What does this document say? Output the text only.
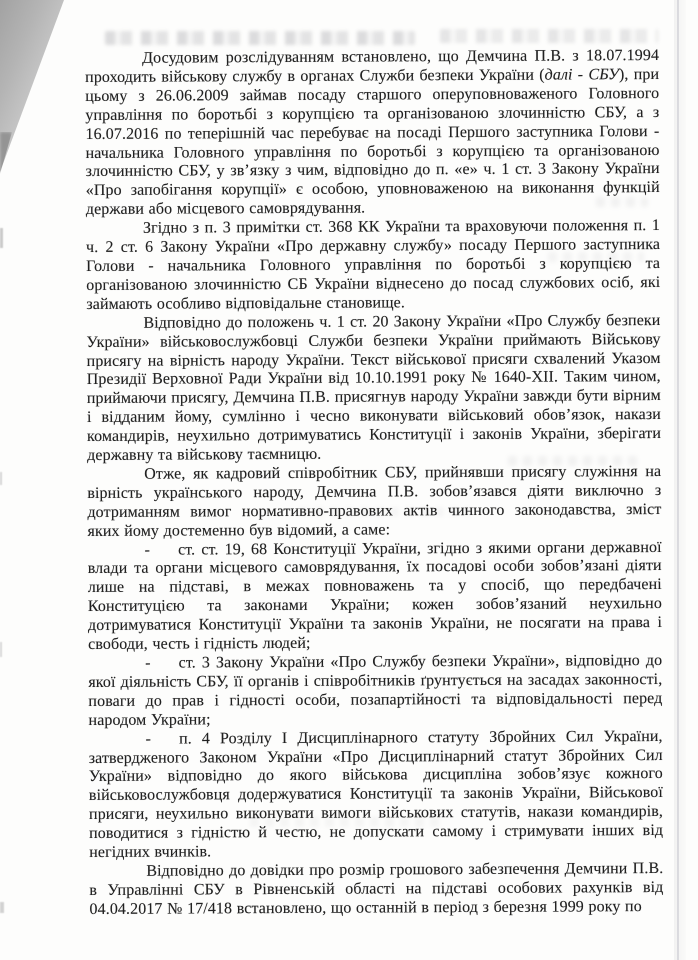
Досудовим розслідуванням встановлено, що Демчина П.В. з 18.07.1994 проходить військову службу в органах Служби безпеки України (далі - СБУ), при цьому з 26.06.2009 займав посаду старшого оперуповноваженого Головного управління по боротьбі з корупцією та організованою злочинністю СБУ, а з 16.07.2016 по теперішній час перебуває на посаді Першого заступника Голови - начальника Головного управління по боротьбі з корупцією та організованою злочинністю СБУ, у зв’язку з чим, відповідно до п. «е» ч. 1 ст. 3 Закону України «Про запобігання корупції» є особою, уповноваженою на виконання функцій держави або місцевого самоврядування.

Згідно з п. 3 примітки ст. 368 КК України та враховуючи положення п. 1 ч. 2 ст. 6 Закону України «Про державну службу» посаду Першого заступника Голови - начальника Головного управління по боротьбі з корупцією та організованою злочинністю СБ України віднесено до посад службових осіб, які займають особливо відповідальне становище.

Відповідно до положень ч. 1 ст. 20 Закону України «Про Службу безпеки України» військовослужбовці Служби безпеки України приймають Військову присягу на вірність народу України. Текст військової присяги схвалений Указом Президії Верховної Ради України від 10.10.1991 року № 1640-XII. Таким чином, приймаючи присягу, Демчина П.В. присягнув народу України завжди бути вірним і відданим йому, сумлінно і чесно виконувати військовий обов’язок, накази командирів, неухильно дотримуватись Конституції і законів України, зберігати державну та військову таємницю.

Отже, як кадровий співробітник СБУ, прийнявши присягу служіння на вірність українського народу, Демчина П.В. зобов’язався діяти виключно з дотриманням вимог нормативно-правових актів чинного законодавства, зміст яких йому достеменно був відомий, а саме:

- ст. ст. 19, 68 Конституції України, згідно з якими органи державної влади та органи місцевого самоврядування, їх посадові особи зобов’язані діяти лише на підставі, в межах повноважень та у спосіб, що передбачені Конституцією та законами України; кожен зобов’язаний неухильно дотримуватися Конституції України та законів України, не посягати на права і свободи, честь і гідність людей;

- ст. 3 Закону України «Про Службу безпеки України», відповідно до якої діяльність СБУ, її органів і співробітників ґрунтується на засадах законності, поваги до прав і гідності особи, позапартійності та відповідальності перед народом України;

- п. 4 Розділу І Дисциплінарного статуту Збройних Сил України, затвердженого Законом України «Про Дисциплінарний статут Збройних Сил України» відповідно до якого військова дисципліна зобов’язує кожного військовослужбовця додержуватися Конституції та законів України, Військової присяги, неухильно виконувати вимоги військових статутів, накази командирів, поводитися з гідністю й честю, не допускати самому і стримувати інших від негідних вчинків.

Відповідно до довідки про розмір грошового забезпечення Демчини П.В. в Управлінні СБУ в Рівненській області на підставі особових рахунків від 04.04.2017 № 17/418 встановлено, що останній в період з березня 1999 року по
